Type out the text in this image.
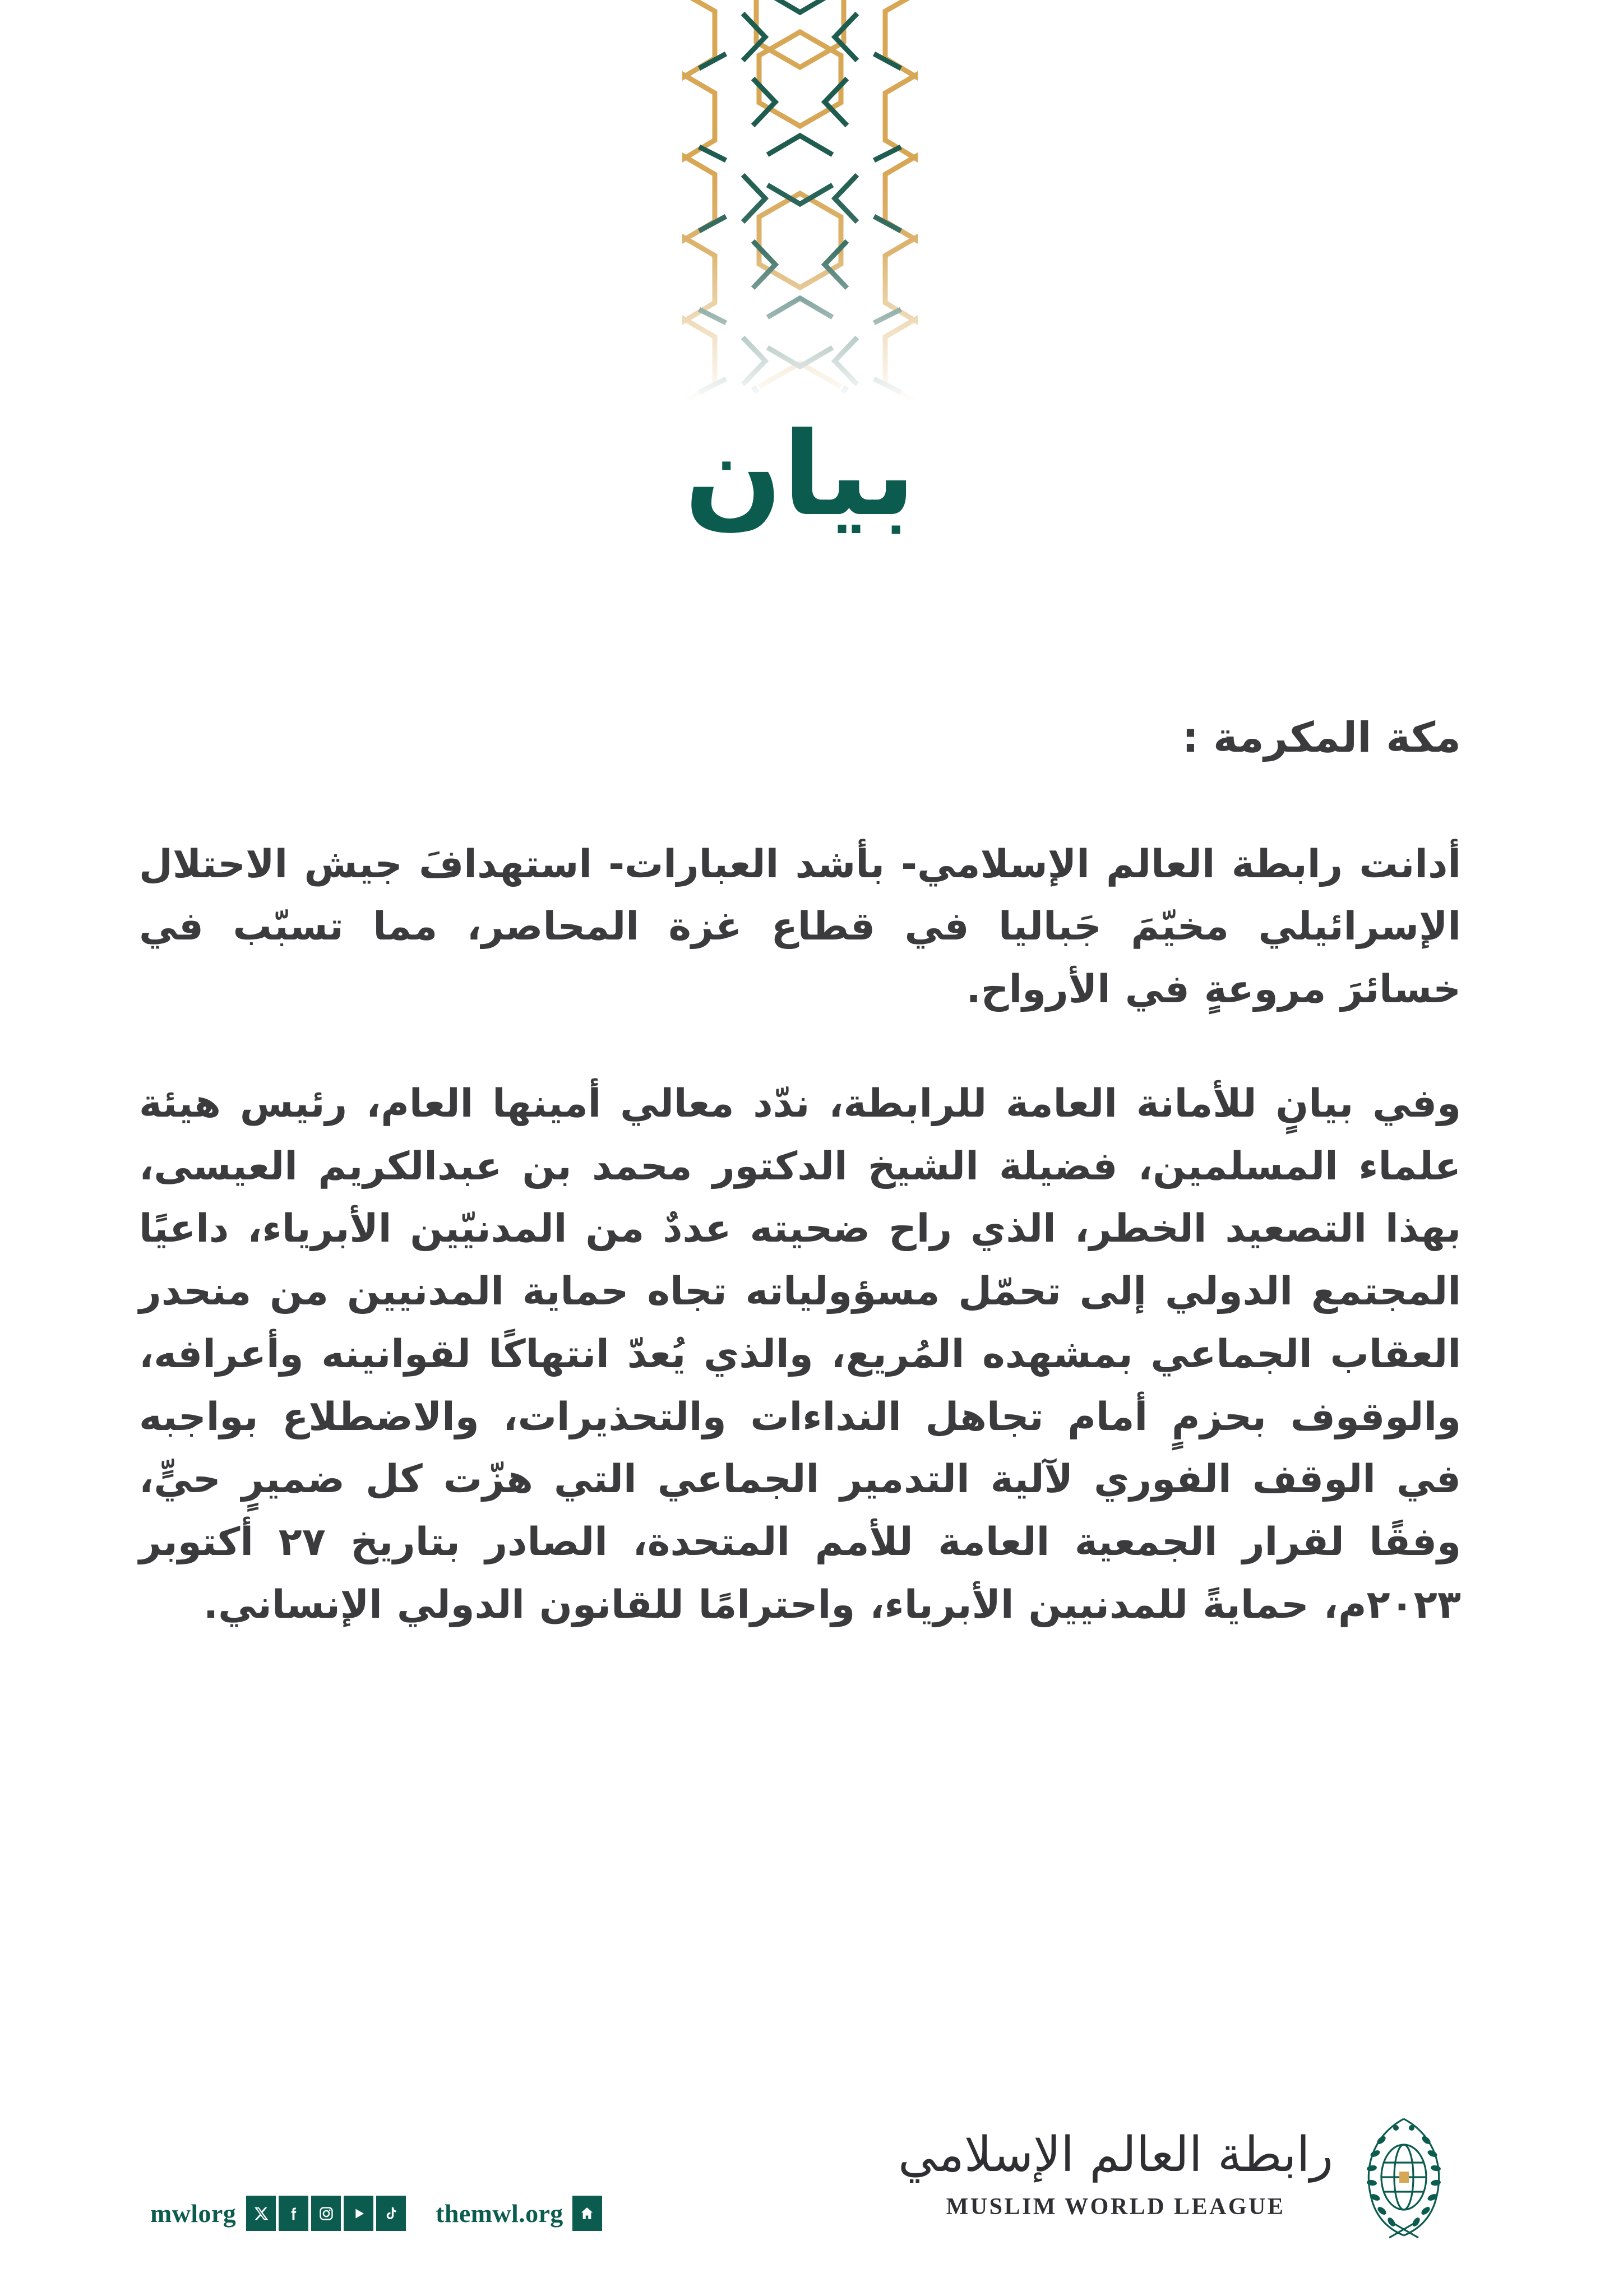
بيان
مكة المكرمة :

أدانت رابطة العالم الإسلامي- بأشد العبارات- استهدافَ جيش الاحتلال الإسرائيلي مخيّمَ جَباليا في قطاع غزة المحاصر، مما تسبّب في خسائرَ مروعةٍ في الأرواح.

وفي بيانٍ للأمانة العامة للرابطة، ندّد معالي أمينها العام، رئيس هيئة علماء المسلمين، فضيلة الشيخ الدكتور محمد بن عبدالكريم العيسى، بهذا التصعيد الخطر، الذي راح ضحيته عددٌ من المدنيّين الأبرياء، داعيًا المجتمع الدولي إلى تحمّل مسؤولياته تجاه حماية المدنيين من منحدر العقاب الجماعي بمشهده المُريع، والذي يُعدّ انتهاكًا لقوانينه وأعرافه، والوقوف بحزمٍ أمام تجاهل النداءات والتحذيرات، والاضطلاع بواجبه في الوقف الفوري لآلية التدمير الجماعي التي هزّت كل ضميرٍ حيٍّ، وفقًا لقرار الجمعية العامة للأمم المتحدة، الصادر بتاريخ ٢٧ أكتوبر ٢٠٢٣م، حمايةً للمدنيين الأبرياء، واحترامًا للقانون الدولي الإنساني.

mwlorg	themwl.org
رابطة العالم الإسلامي
MUSLIM WORLD LEAGUE
